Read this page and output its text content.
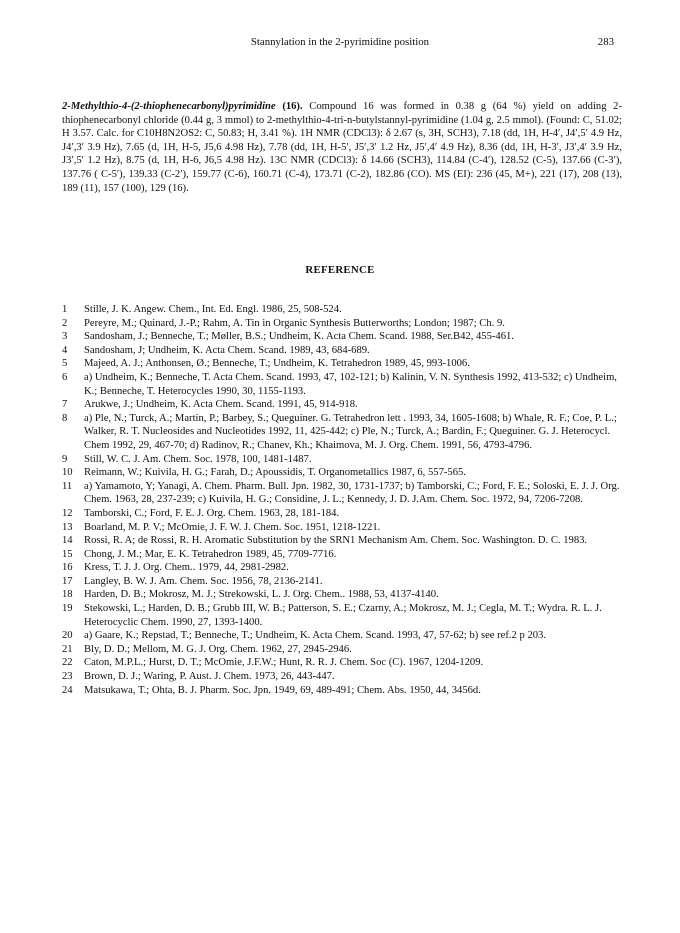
Stannylation in the 2-pyrimidine position	283
2-Methylthio-4-(2-thiophenecarbonyl)pyrimidine (16). Compound 16 was formed in 0.38 g (64 %) yield on adding 2-thiophenecarbonyl chloride (0.44 g, 3 mmol) to 2-methylthio-4-tri-n-butylstannyl-pyrimidine (1.04 g, 2.5 mmol). (Found: C, 51.02; H 3.57. Calc. for C10H8N2OS2: C, 50.83; H, 3.41 %). 1H NMR (CDCl3): δ 2.67 (s, 3H, SCH3), 7.18 (dd, 1H, H-4′, J4′,5′ 4.9 Hz, J4′,3′ 3.9 Hz), 7.65 (d, 1H, H-5, J5,6 4.98 Hz), 7.78 (dd, 1H, H-5′, J5′,3′ 1.2 Hz, J5′,4′ 4.9 Hz), 8.36 (dd, 1H, H-3′, J3′,4′ 3.9 Hz, J3′,5′ 1.2 Hz), 8.75 (d, 1H, H-6, J6,5 4.98 Hz). 13C NMR (CDCl3): δ 14.66 (SCH3), 114.84 (C-4′), 128.52 (C-5), 137.66 (C-3′), 137.76 ( C-5′), 139.33 (C-2′), 159.77 (C-6), 160.71 (C-4), 173.71 (C-2), 182.86 (CO). MS (EI): 236 (45, M+), 221 (17), 208 (13), 189 (11), 157 (100), 129 (16).
REFERENCE
1 Stille, J. K. Angew. Chem., Int. Ed. Engl. 1986, 25, 508-524.
2 Pereyre, M.; Quinard, J.-P.; Rahm, A. Tin in Organic Synthesis Butterworths; London; 1987; Ch. 9.
3 Sandosham, J.; Benneche, T.; Møller, B.S.; Undheim, K. Acta Chem. Scand. 1988, Ser.B42, 455-461.
4 Sandosham, J; Undheim, K. Acta Chem. Scand. 1989, 43, 684-689.
5 Majeed, A. J.; Anthonsen, Ø.; Benneche, T.; Undheim, K. Tetrahedron 1989, 45, 993-1006.
6 a) Undheim, K.; Benneche, T. Acta Chem. Scand. 1993, 47, 102-121; b) Kalinin, V. N. Synthesis 1992, 413-532; c) Undheim, K.; Benneche, T. Heterocycles 1990, 30, 1155-1193.
7 Arukwe, J.; Undheim, K. Acta Chem. Scand. 1991, 45, 914-918.
8 a) Ple, N.; Turck, A.; Martin, P.; Barbey, S.; Queguiner. G. Tetrahedron lett . 1993, 34, 1605-1608; b) Whale, R. F.; Coe, P. L.; Walker, R. T. Nucleosides and Nucleotides 1992, 11, 425-442; c) Ple, N.; Turck, A.; Bardin, F.; Queguiner. G. J. Heterocycl. Chem 1992, 29, 467-70; d) Radinov, R.; Chanev, Kh.; Khaimova, M. J. Org. Chem. 1991, 56, 4793-4796.
9 Still, W. C. J. Am. Chem. Soc. 1978, 100, 1481-1487.
10 Reimann, W.; Kuivila, H. G.; Farah, D.; Apoussidis, T. Organometallics 1987, 6, 557-565.
11 a) Yamamoto, Y; Yanagi, A. Chem. Pharm. Bull. Jpn. 1982, 30, 1731-1737; b) Tamborski, C.; Ford, F. E.; Soloski, E. J. J. Org. Chem. 1963, 28, 237-239; c) Kuivila, H. G.; Considine, J. L.; Kennedy, J. D. J.Am. Chem. Soc. 1972, 94, 7206-7208.
12 Tamborski, C.; Ford, F. E. J. Org. Chem. 1963, 28, 181-184.
13 Boarland, M. P. V.; McOmie, J. F. W. J. Chem. Soc. 1951, 1218-1221.
14 Rossi, R. A; de Rossi, R. H. Aromatic Substitution by the SRN1 Mechanism Am. Chem. Soc. Washington. D. C. 1983.
15 Chong, J. M.; Mar, E. K. Tetrahedron 1989, 45, 7709-7716.
16 Kress, T. J. J. Org. Chem.. 1979, 44, 2981-2982.
17 Langley, B. W. J. Am. Chem. Soc. 1956, 78, 2136-2141.
18 Harden, D. B.; Mokrosz, M. J.; Strekowski, L. J. Org. Chem.. 1988, 53, 4137-4140.
19 Stekowski, L.; Harden, D. B.; Grubb III, W. B.; Patterson, S. E.; Czarny, A.; Mokrosz, M. J.; Cegla, M. T.; Wydra. R. L. J. Heterocyclic Chem. 1990, 27, 1393-1400.
20 a) Gaare, K.; Repstad, T.; Benneche, T.; Undheim, K. Acta Chem. Scand. 1993, 47, 57-62; b) see ref.2 p 203.
21 Bly, D. D.; Mellom, M. G. J. Org. Chem. 1962, 27, 2945-2946.
22 Caton, M.P.L.; Hurst, D. T.; McOmie, J.F.W.; Hunt, R. R. J. Chem. Soc (C). 1967, 1204-1209.
23 Brown, D. J.; Waring, P. Aust. J. Chem. 1973, 26, 443-447.
24 Matsukawa, T.; Ohta, B. J. Pharm. Soc. Jpn. 1949, 69, 489-491; Chem. Abs. 1950, 44, 3456d.
